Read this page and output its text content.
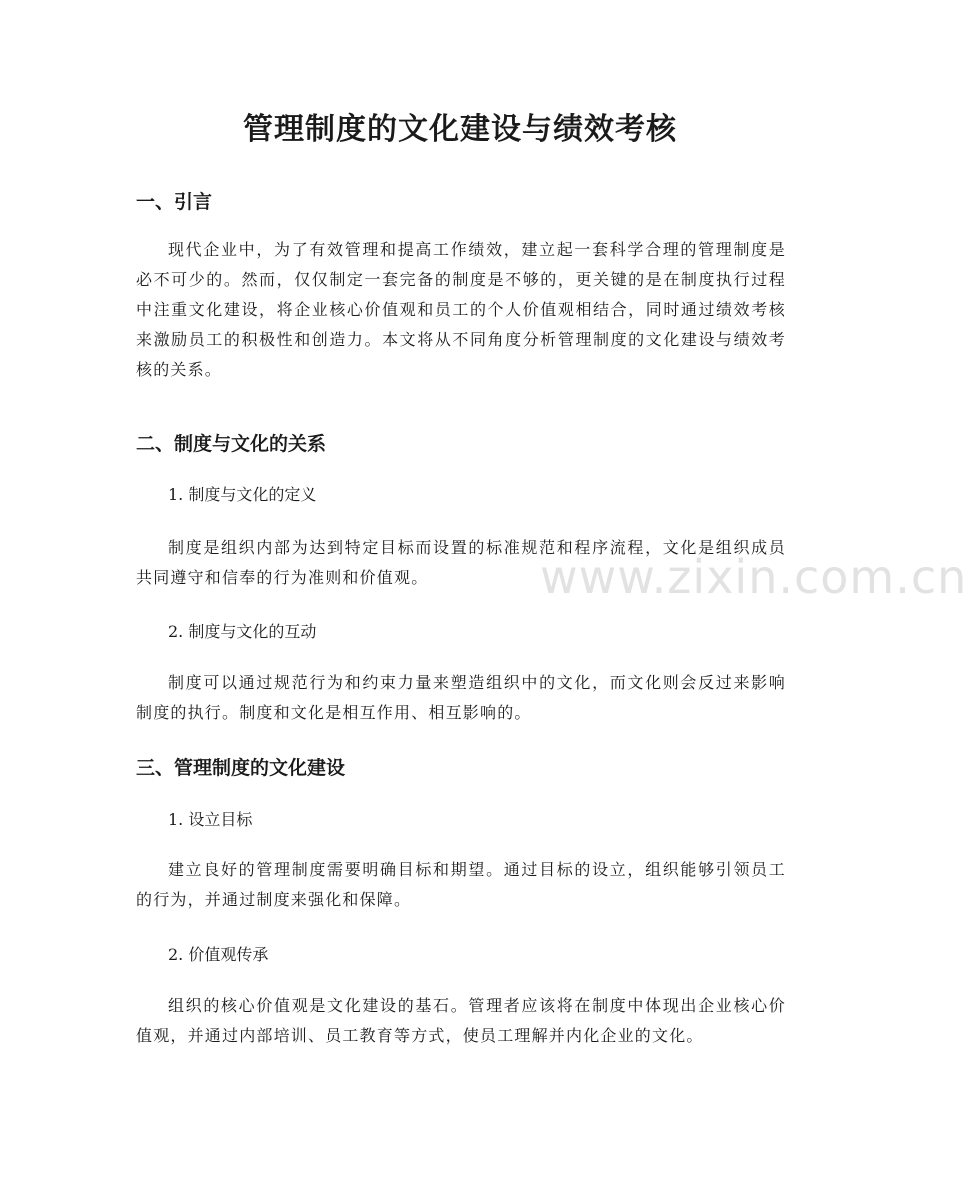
管理制度的文化建设与绩效考核
一、引言

现代企业中，为了有效管理和提高工作绩效，建立起一套科学合理的管理制度是必不可少的。然而，仅仅制定一套完备的制度是不够的，更关键的是在制度执行过程中注重文化建设，将企业核心价值观和员工的个人价值观相结合，同时通过绩效考核来激励员工的积极性和创造力。本文将从不同角度分析管理制度的文化建设与绩效考核的关系。

二、制度与文化的关系

1. 制度与文化的定义

制度是组织内部为达到特定目标而设置的标准规范和程序流程，文化是组织成员共同遵守和信奉的行为准则和价值观。

2. 制度与文化的互动

制度可以通过规范行为和约束力量来塑造组织中的文化，而文化则会反过来影响制度的执行。制度和文化是相互作用、相互影响的。

三、管理制度的文化建设

1. 设立目标

建立良好的管理制度需要明确目标和期望。通过目标的设立，组织能够引领员工的行为，并通过制度来强化和保障。

2. 价值观传承

组织的核心价值观是文化建设的基石。管理者应该将在制度中体现出企业核心价值观，并通过内部培训、员工教育等方式，使员工理解并内化企业的文化。

www.zixin.com.cn
